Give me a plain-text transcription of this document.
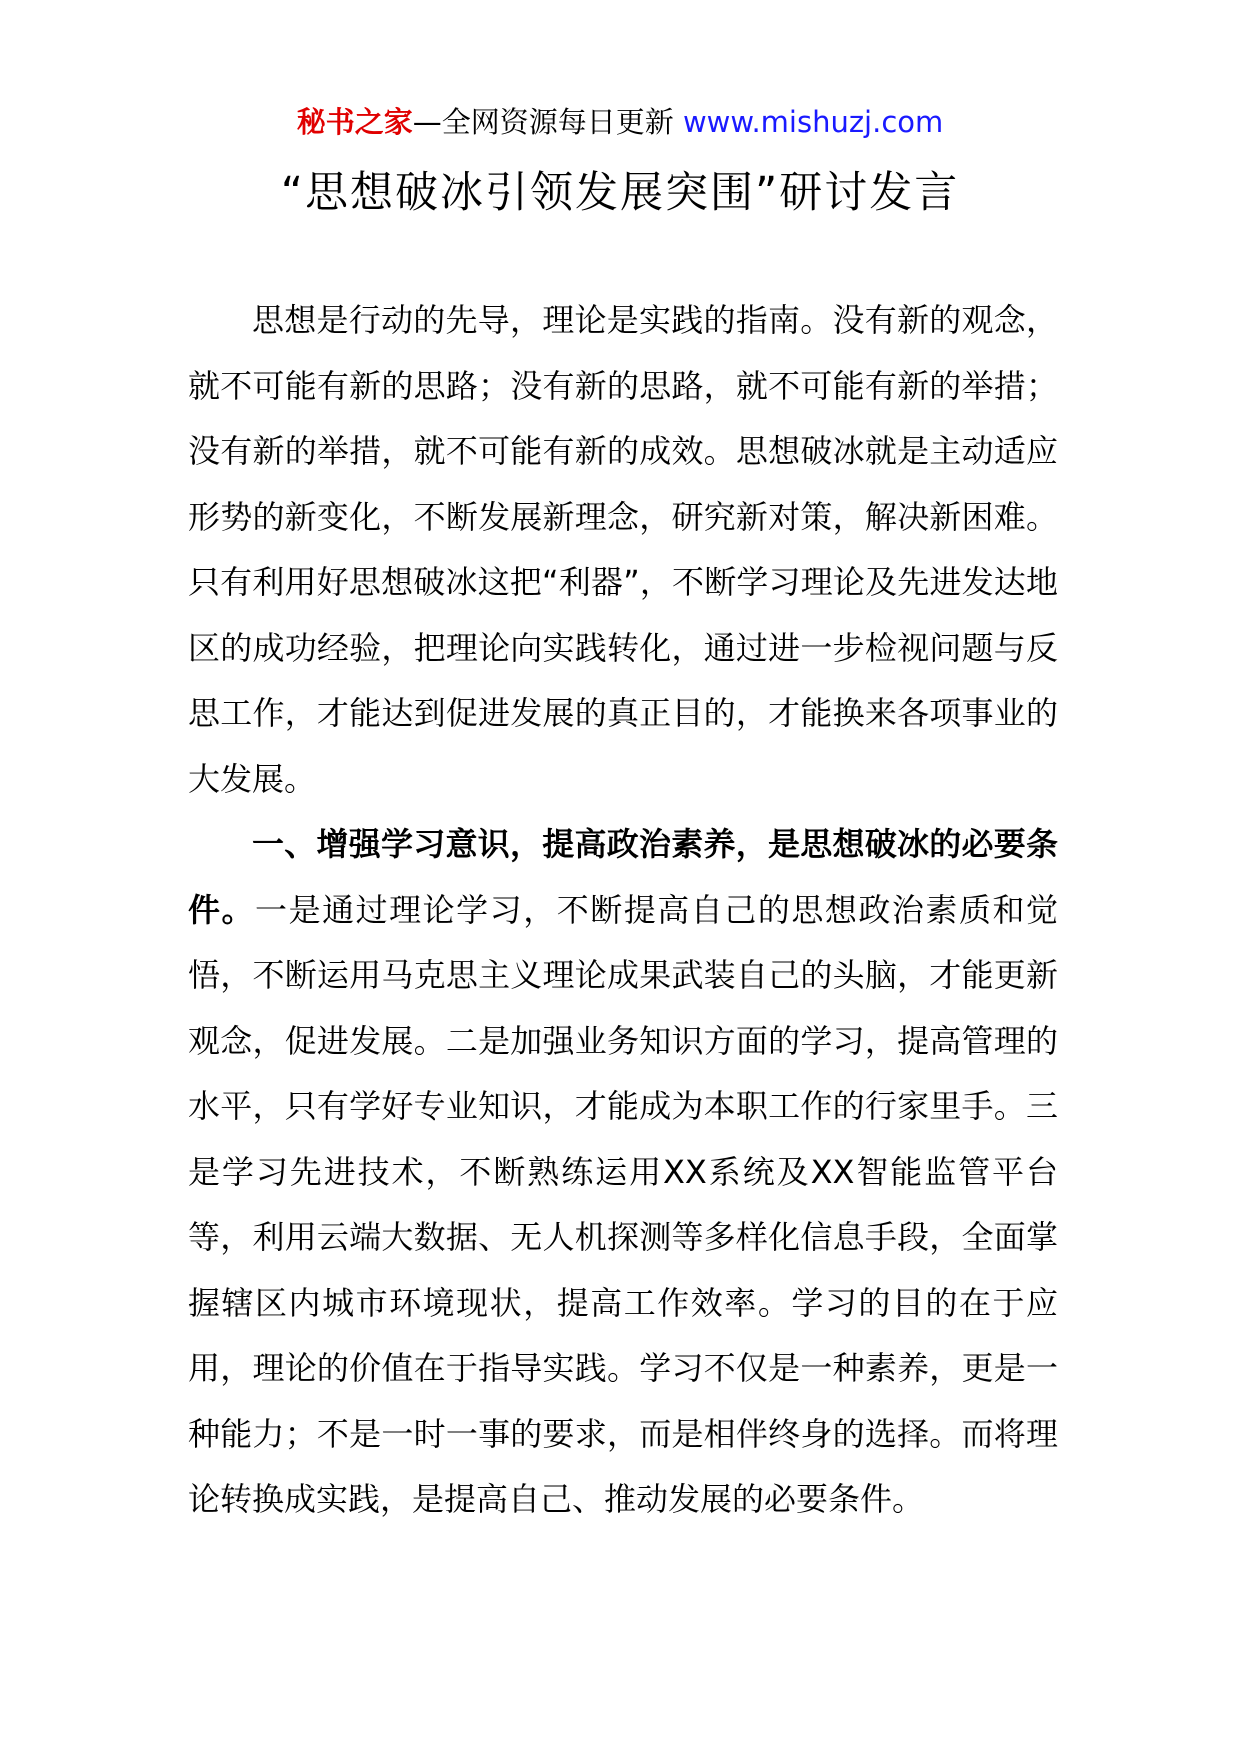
秘书之家—全网资源每日更新 www.mishuzj.com
“思想破冰引领发展突围”研讨发言

思想是行动的先导，理论是实践的指南。没有新的观念，就不可能有新的思路；没有新的思路，就不可能有新的举措；没有新的举措，就不可能有新的成效。思想破冰就是主动适应形势的新变化，不断发展新理念，研究新对策，解决新困难。只有利用好思想破冰这把“利器”，不断学习理论及先进发达地区的成功经验，把理论向实践转化，通过进一步检视问题与反思工作，才能达到促进发展的真正目的，才能换来各项事业的大发展。

一、增强学习意识，提高政治素养，是思想破冰的必要条件。一是通过理论学习，不断提高自己的思想政治素质和觉悟，不断运用马克思主义理论成果武装自己的头脑，才能更新观念，促进发展。二是加强业务知识方面的学习，提高管理的水平，只有学好专业知识，才能成为本职工作的行家里手。三是学习先进技术，不断熟练运用XX系统及XX智能监管平台等，利用云端大数据、无人机探测等多样化信息手段，全面掌握辖区内城市环境现状，提高工作效率。学习的目的在于应用，理论的价值在于指导实践。学习不仅是一种素养，更是一种能力；不是一时一事的要求，而是相伴终身的选择。而将理论转换成实践，是提高自己、推动发展的必要条件。
